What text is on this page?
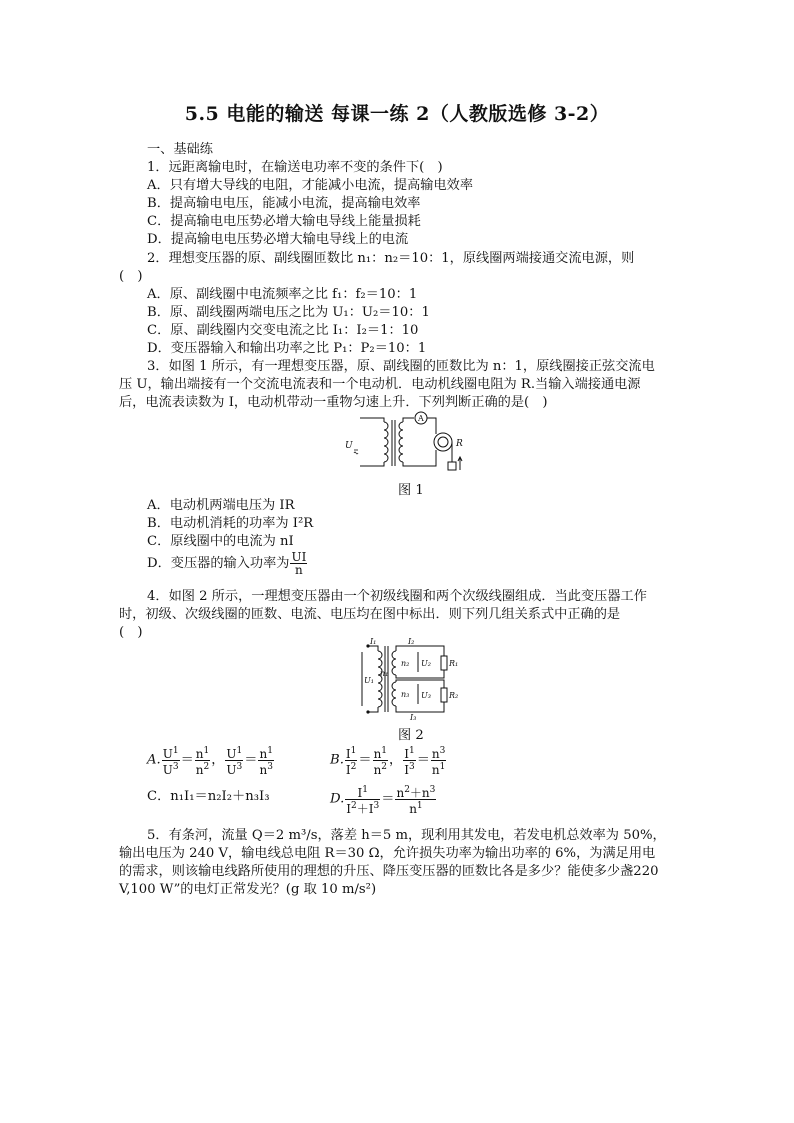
5.5 电能的输送 每课一练 2（人教版选修 3-2）
一、基础练
1．远距离输电时，在输送电功率不变的条件下(　)
A．只有增大导线的电阻，才能减小电流，提高输电效率
B．提高输电电压，能减小电流，提高输电效率
C．提高输电电压势必增大输电导线上能量损耗
D．提高输电电压势必增大输电导线上的电流
2．理想变压器的原、副线圈匝数比 n₁：n₂＝10：1，原线圈两端接通交流电源，则
(　)
A．原、副线圈中电流频率之比 f₁：f₂＝10：1
B．原、副线圈两端电压之比为 U₁：U₂＝10：1
C．原、副线圈内交变电流之比 I₁：I₂＝1：10
D．变压器输入和输出功率之比 P₁：P₂＝10：1
3．如图 1 所示，有一理想变压器，原、副线圈的匝数比为 n：1，原线圈接正弦交流电
压 U，输出端接有一个交流电流表和一个电动机．电动机线圈电阻为 R.当输入端接通电源
后，电流表读数为 I，电动机带动一重物匀速上升．下列判断正确的是(　)
U
A
R
图 1
A．电动机两端电压为 IR
B．电动机消耗的功率为 I²R
C．原线圈中的电流为 nI
D．变压器的输入功率为 $\frac{UI}{n}$
4．如图 2 所示，一理想变压器由一个初级线圈和两个次级线圈组成．当此变压器工作
时，初级、次级线圈的匝数、电流、电压均在图中标出．则下列几组关系式中正确的是
(　)
I₁	I₂
I₃
U₁
U₂
U₃
n₁
n₂
n₃
R₁
R₂
图 2
A. $\frac{U^1}{U^3} = \frac{n^1}{n^2}$ ， $\frac{U^1}{U^3} = \frac{n^1}{n^3}$	B. $\frac{I^1}{I^2} = \frac{n^1}{n^2}$ ， $\frac{I^1}{I^3} = \frac{n^3}{n^1}$
C．n₁I₁＝n₂I₂＋n₃I₃	D. $\frac{I^1}{I^2+I^3} = \frac{n^2+n^3}{n^1}$
5．有条河，流量 Q＝2 m³/s，落差 h＝5 m，现利用其发电，若发电机总效率为 50%，
输出电压为 240 V，输电线总电阻 R＝30 Ω，允许损失功率为输出功率的 6%，为满足用电
的需求，则该输电线路所使用的理想的升压、降压变压器的匝数比各是多少？能使多少盏220
V,100 W”的电灯正常发光？(g 取 10 m/s²)
